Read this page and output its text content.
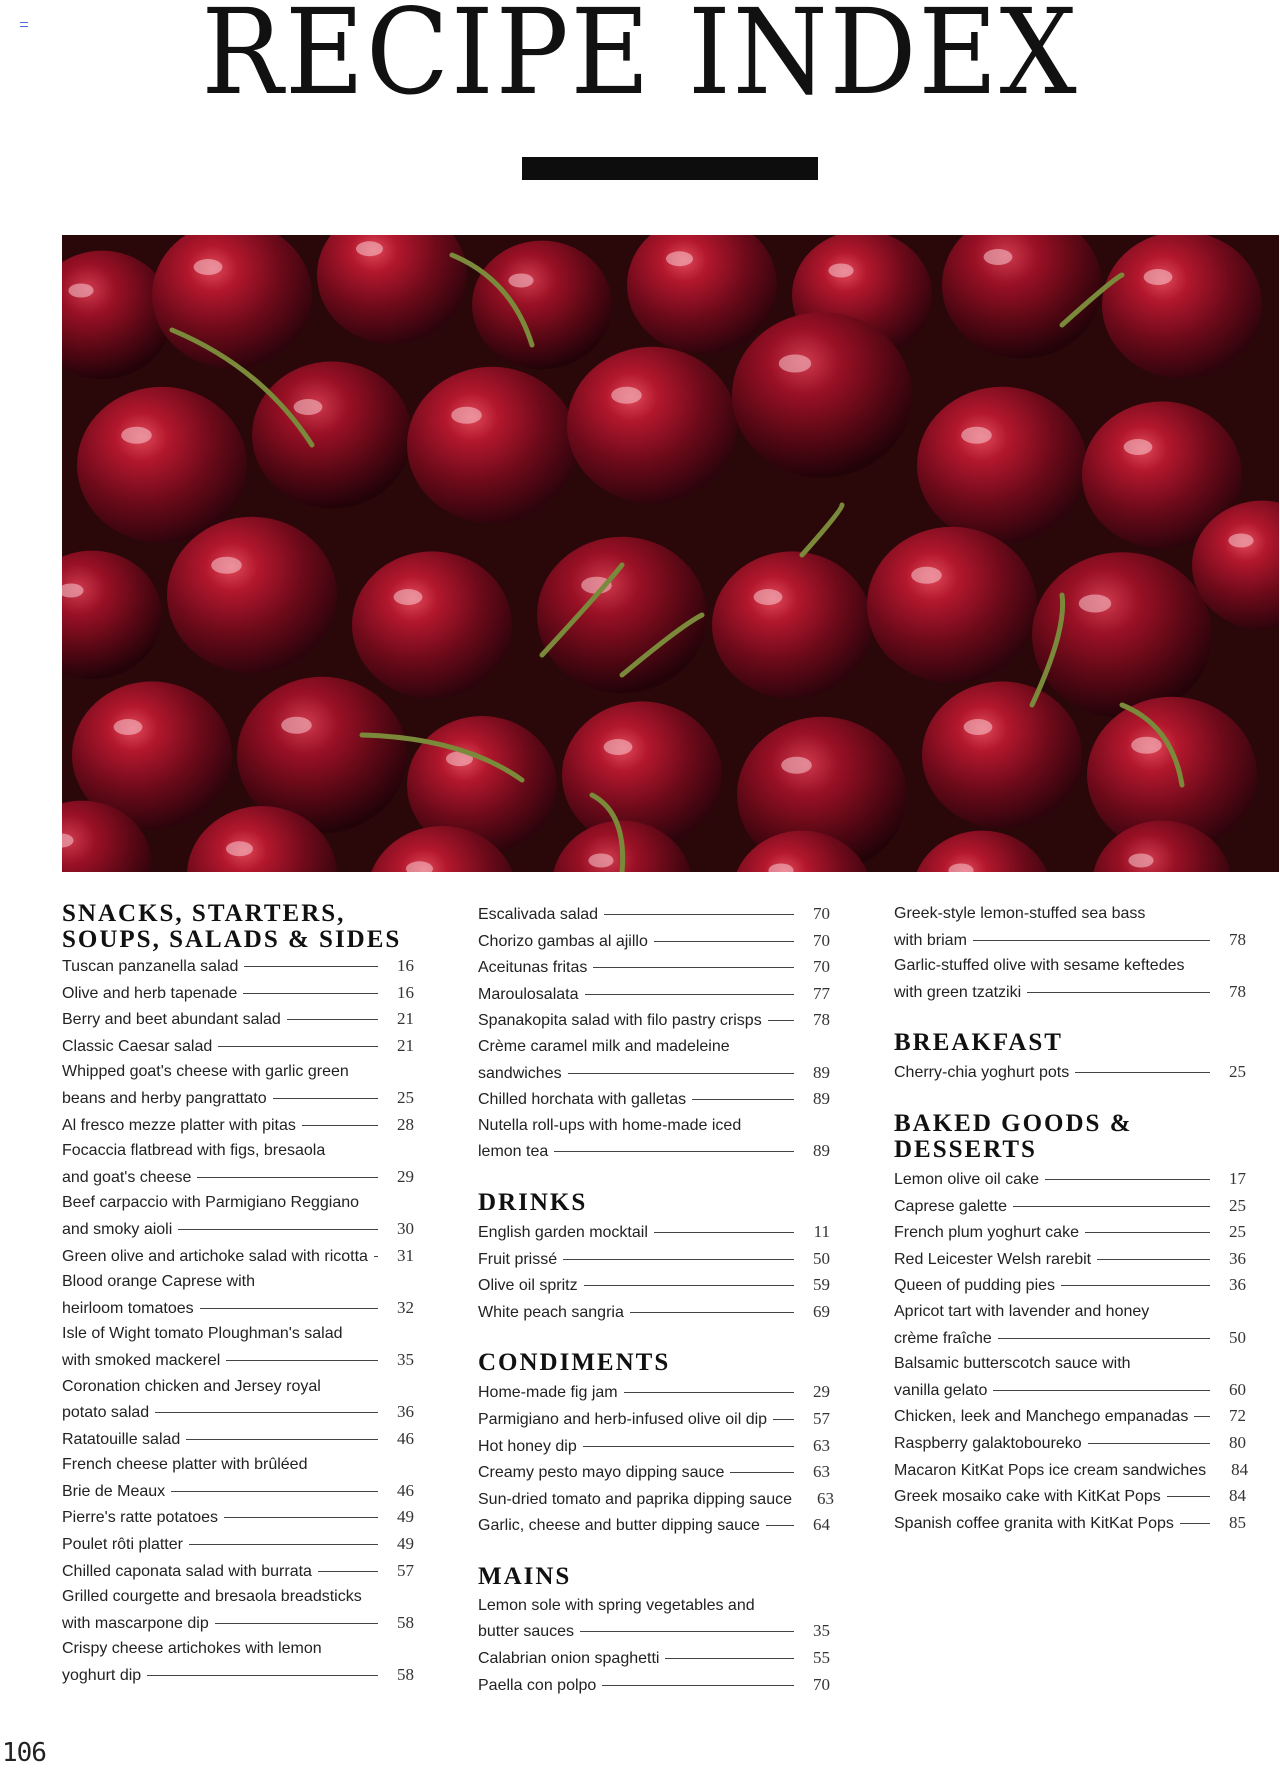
RECIPE INDEX
SNACKS, STARTERS, SOUPS, SALADS & SIDES
Tuscan panzanella salad	16
Olive and herb tapenade	16
Berry and beet abundant salad	21
Classic Caesar salad	21
Whipped goat's cheese with garlic green
beans and herby pangrattato	25
Al fresco mezze platter with pitas	28
Focaccia flatbread with figs, bresaola
and goat's cheese	29
Beef carpaccio with Parmigiano Reggiano
and smoky aioli	30
Green olive and artichoke salad with ricotta	31
Blood orange Caprese with
heirloom tomatoes	32
Isle of Wight tomato Ploughman's salad
with smoked mackerel	35
Coronation chicken and Jersey royal
potato salad	36
Ratatouille salad	46
French cheese platter with brûléed
Brie de Meaux	46
Pierre's ratte potatoes	49
Poulet rôti platter	49
Chilled caponata salad with burrata	57
Grilled courgette and bresaola breadsticks
with mascarpone dip	58
Crispy cheese artichokes with lemon
yoghurt dip	58
Escalivada salad	70
Chorizo gambas al ajillo	70
Aceitunas fritas	70
Maroulosalata	77
Spanakopita salad with filo pastry crisps	78
Crème caramel milk and madeleine
sandwiches	89
Chilled horchata with galletas	89
Nutella roll-ups with home-made iced
lemon tea	89
DRINKS
English garden mocktail	11
Fruit prissé	50
Olive oil spritz	59
White peach sangria	69
CONDIMENTS
Home-made fig jam	29
Parmigiano and herb-infused olive oil dip	57
Hot honey dip	63
Creamy pesto mayo dipping sauce	63
Sun-dried tomato and paprika dipping sauce	63
Garlic, cheese and butter dipping sauce	64
MAINS
Lemon sole with spring vegetables and
butter sauces	35
Calabrian onion spaghetti	55
Paella con polpo	70
Greek-style lemon-stuffed sea bass
with briam	78
Garlic-stuffed olive with sesame keftedes
with green tzatziki	78
BREAKFAST
Cherry-chia yoghurt pots	25
BAKED GOODS & DESSERTS
Lemon olive oil cake	17
Caprese galette	25
French plum yoghurt cake	25
Red Leicester Welsh rarebit	36
Queen of pudding pies	36
Apricot tart with lavender and honey
crème fraîche	50
Balsamic butterscotch sauce with
vanilla gelato	60
Chicken, leek and Manchego empanadas	72
Raspberry galaktoboureko	80
Macaron KitKat Pops ice cream sandwiches	84
Greek mosaiko cake with KitKat Pops	84
Spanish coffee granita with KitKat Pops	85
106
